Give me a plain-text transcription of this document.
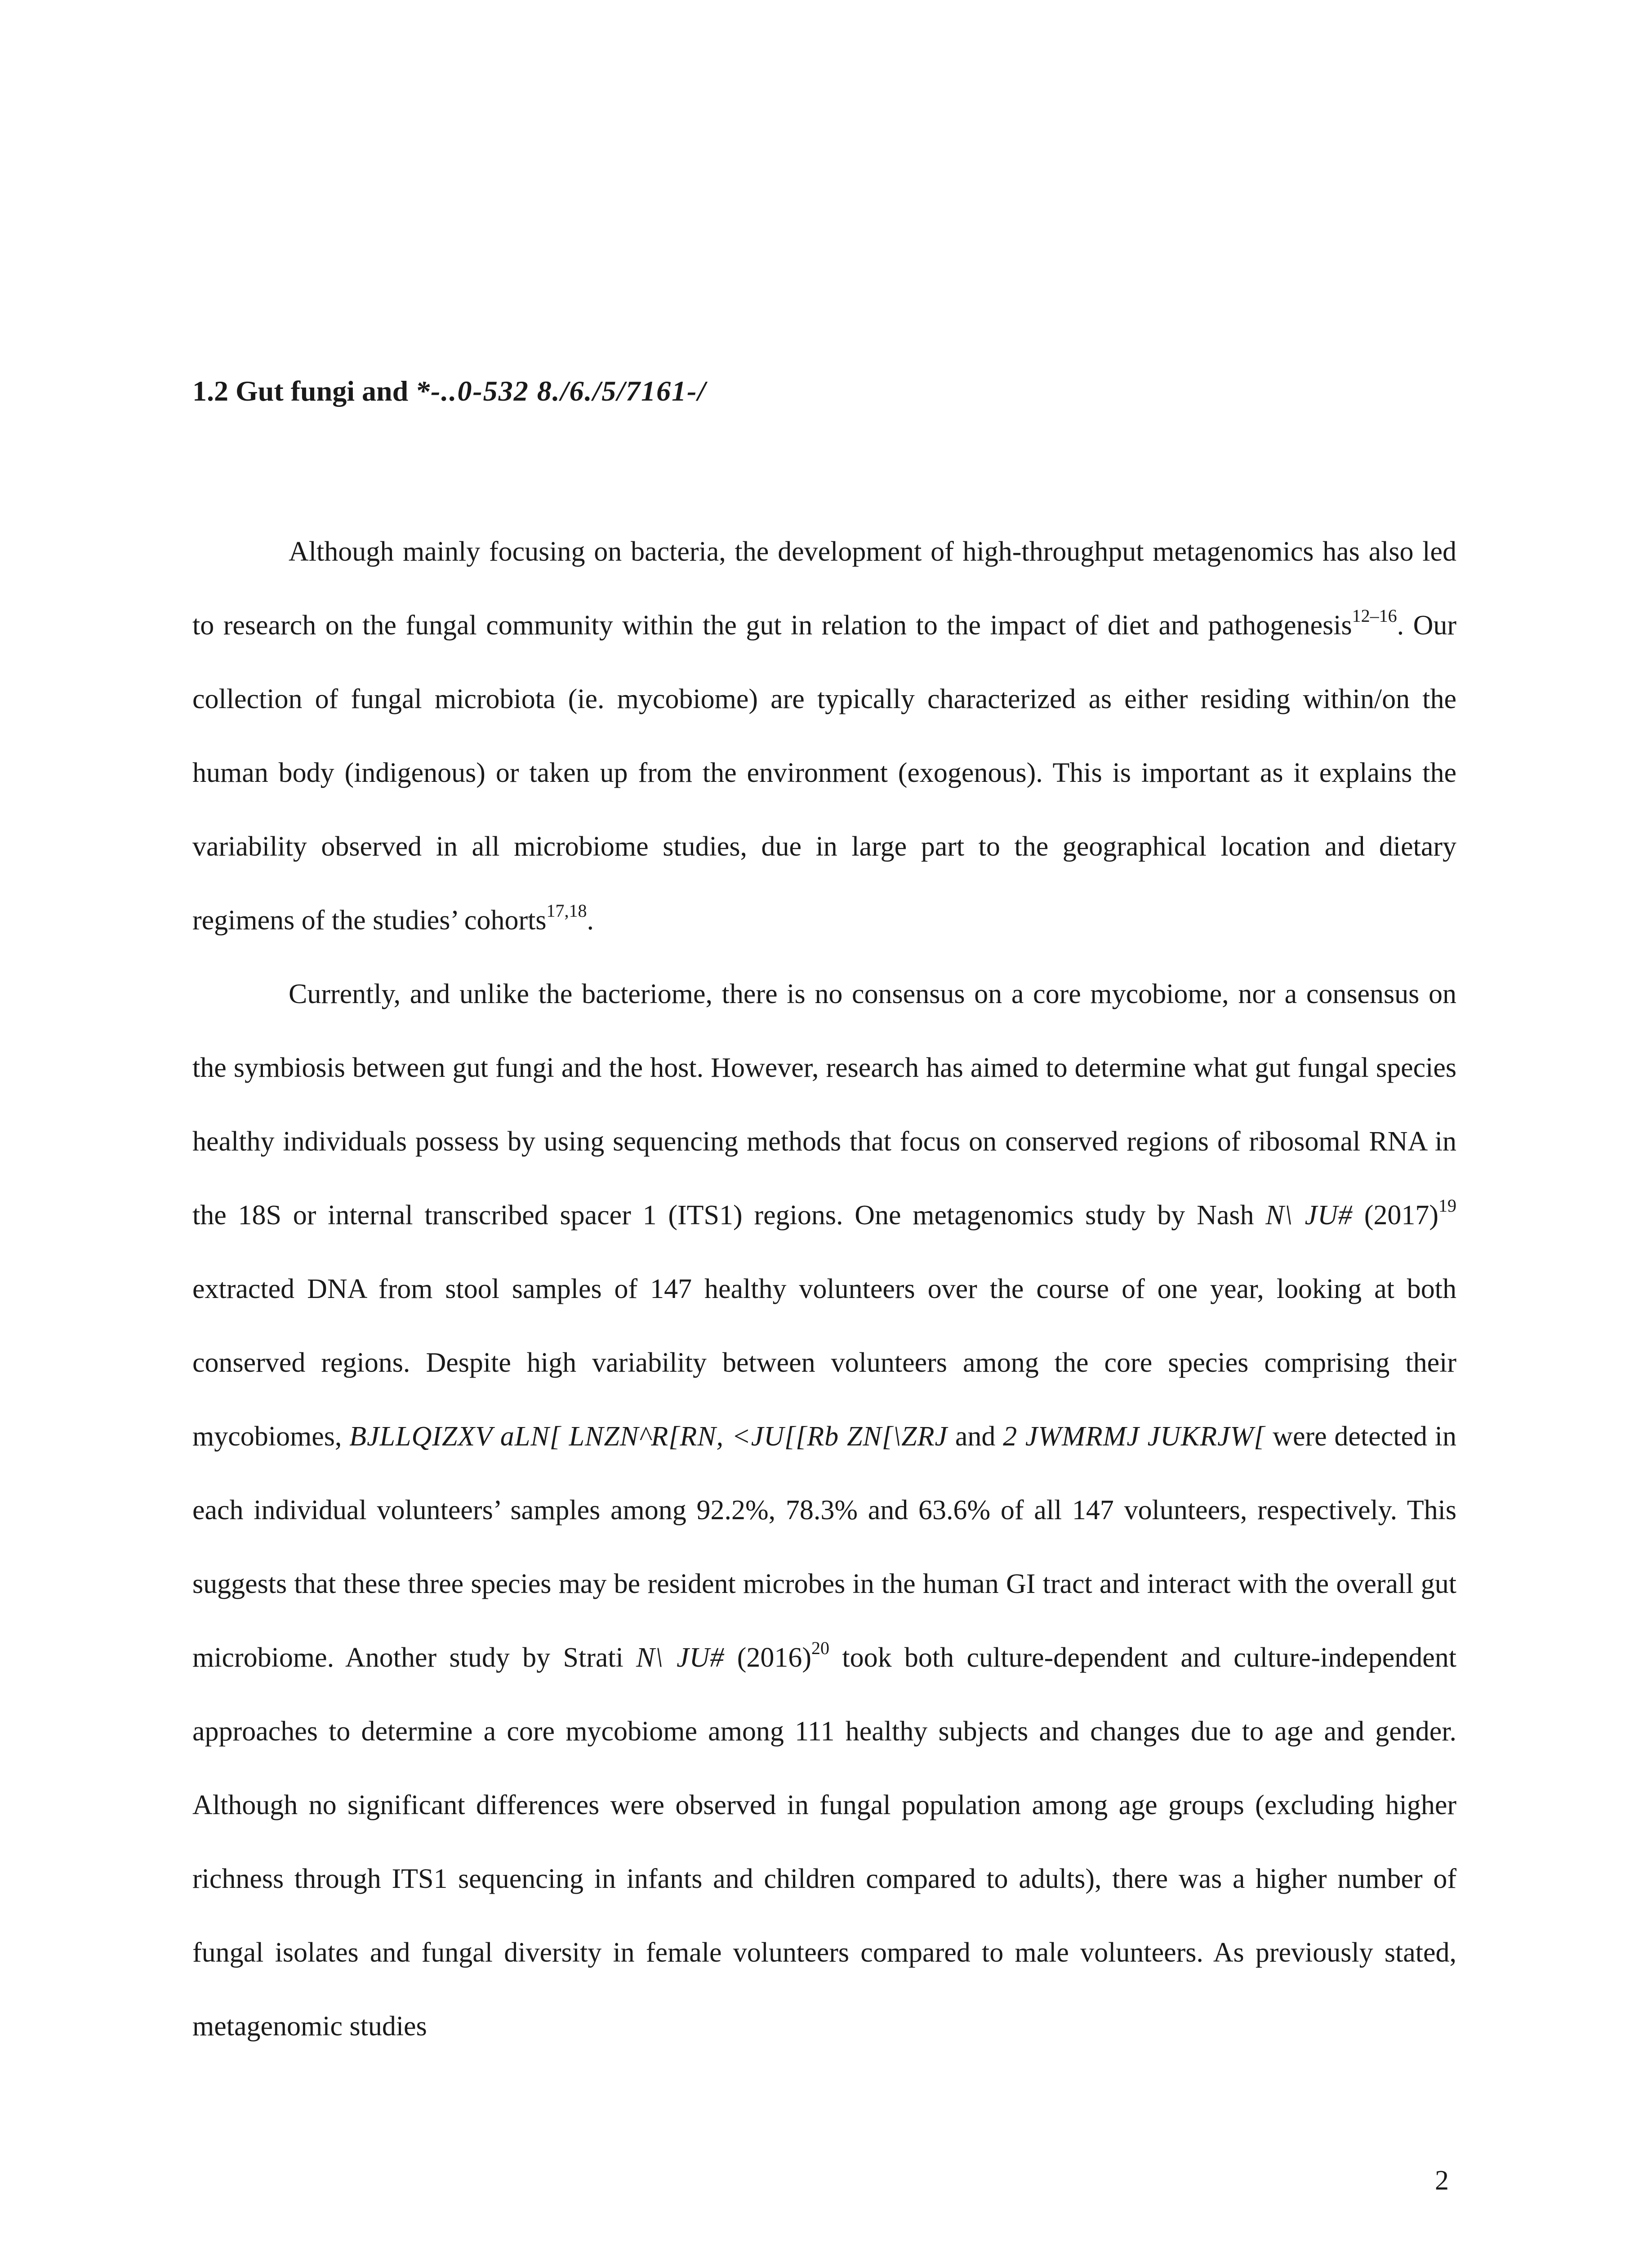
1.2 Gut fungi and *-..0-532 8./6./5/7161-/

Although mainly focusing on bacteria, the development of high-throughput metagenomics has also led to research on the fungal community within the gut in relation to the impact of diet and pathogenesis$^{12-16}$. Our collection of fungal microbiota (ie. mycobiome) are typically characterized as either residing within/on the human body (indigenous) or taken up from the environment (exogenous). This is important as it explains the variability observed in all microbiome studies, due in large part to the geographical location and dietary regimens of the studies’ cohorts$^{17,18}$.

Currently, and unlike the bacteriome, there is no consensus on a core mycobiome, nor a consensus on the symbiosis between gut fungi and the host. However, research has aimed to determine what gut fungal species healthy individuals possess by using sequencing methods that focus on conserved regions of ribosomal RNA in the 18S or internal transcribed spacer 1 (ITS1) regions. One metagenomics study by Nash N\ JU# $(2017)^{19}$ extracted DNA from stool samples of 147 healthy volunteers over the course of one year, looking at both conserved regions. Despite high variability between volunteers among the core species comprising their mycobiomes, BJLLQIZXV aLN[ LNZN^R[RN, <JU[[Rb ZN[\ZRJ and 2 JWMRMJ JUKRJW[ were detected in each individual volunteers’ samples among 92.2%, 78.3% and 63.6% of all 147 volunteers, respectively. This suggests that these three species may be resident microbes in the human GI tract and interact with the overall gut microbiome. Another study by Strati N\ JU# $(2016)^{20}$ took both culture-dependent and culture-independent approaches to determine a core mycobiome among 111 healthy subjects and changes due to age and gender. Although no significant differences were observed in fungal population among age groups (excluding higher richness through ITS1 sequencing in infants and children compared to adults), there was a higher number of fungal isolates and fungal diversity in female volunteers compared to male volunteers. As previously stated, metagenomic studies

2
